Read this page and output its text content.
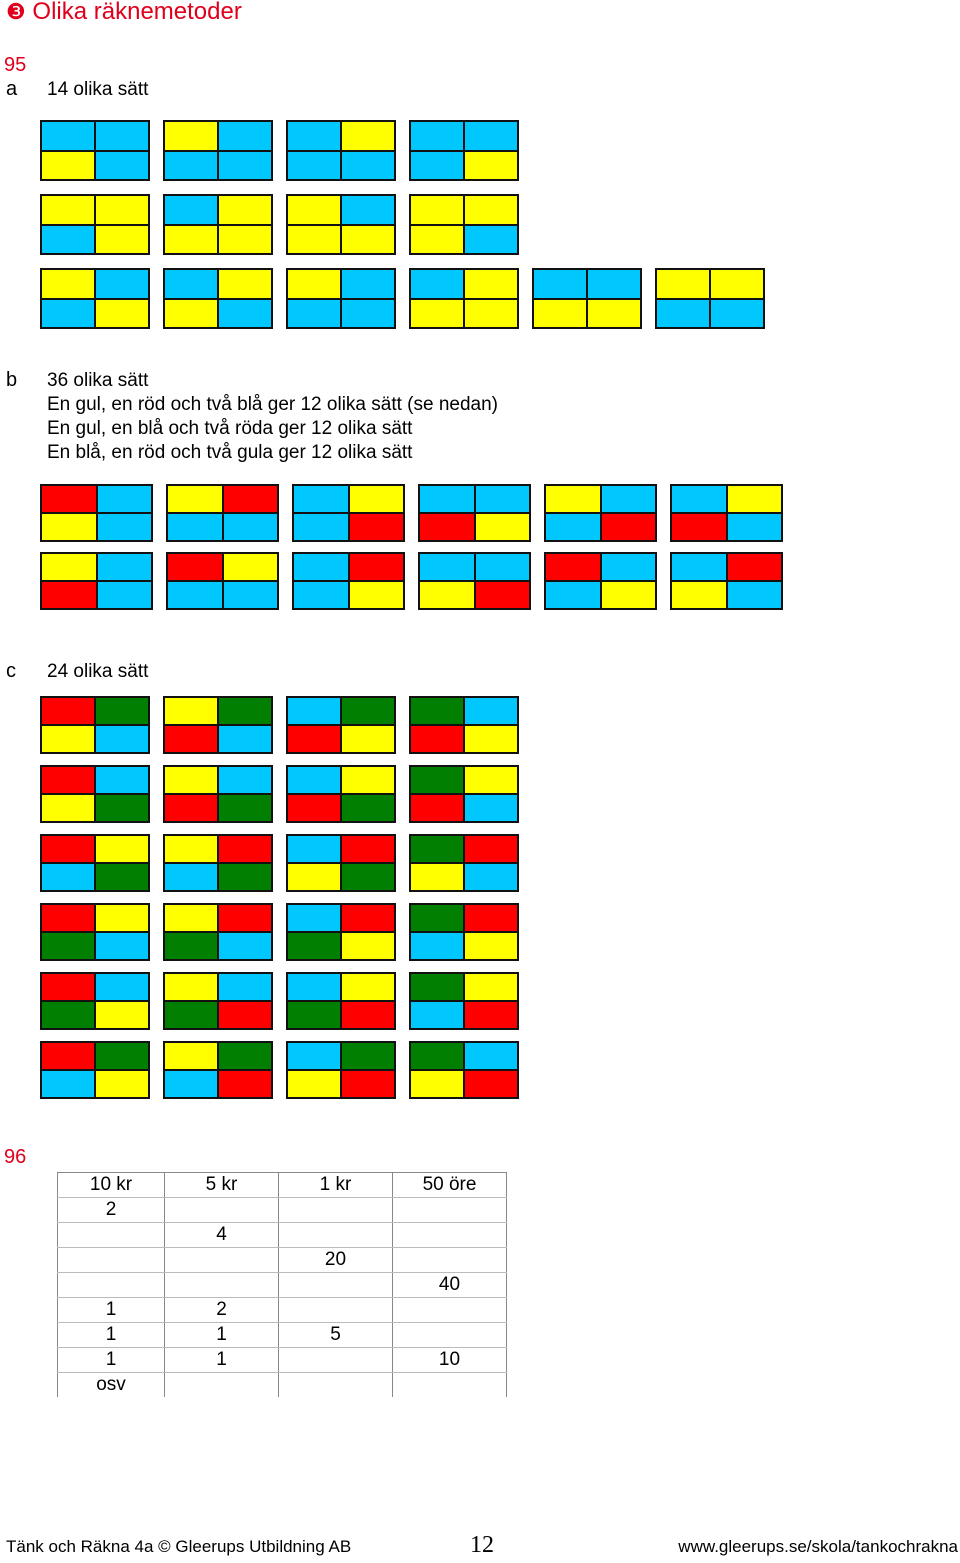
❸ Olika räknemetoder
95
a 14 olika sätt
b 36 olika sätt
En gul, en röd och två blå ger 12 olika sätt (se nedan)
En gul, en blå och två röda ger 12 olika sätt
En blå, en röd och två gula ger 12 olika sätt
c 24 olika sätt
96
10 kr	5 kr	1 kr	50 öre
2			
	4		
		20	
			40
1	2		
1	1	5	
1	1		10
osv			
Tänk och Räkna 4a © Gleerups Utbildning AB	12	www.gleerups.se/skola/tankochrakna
